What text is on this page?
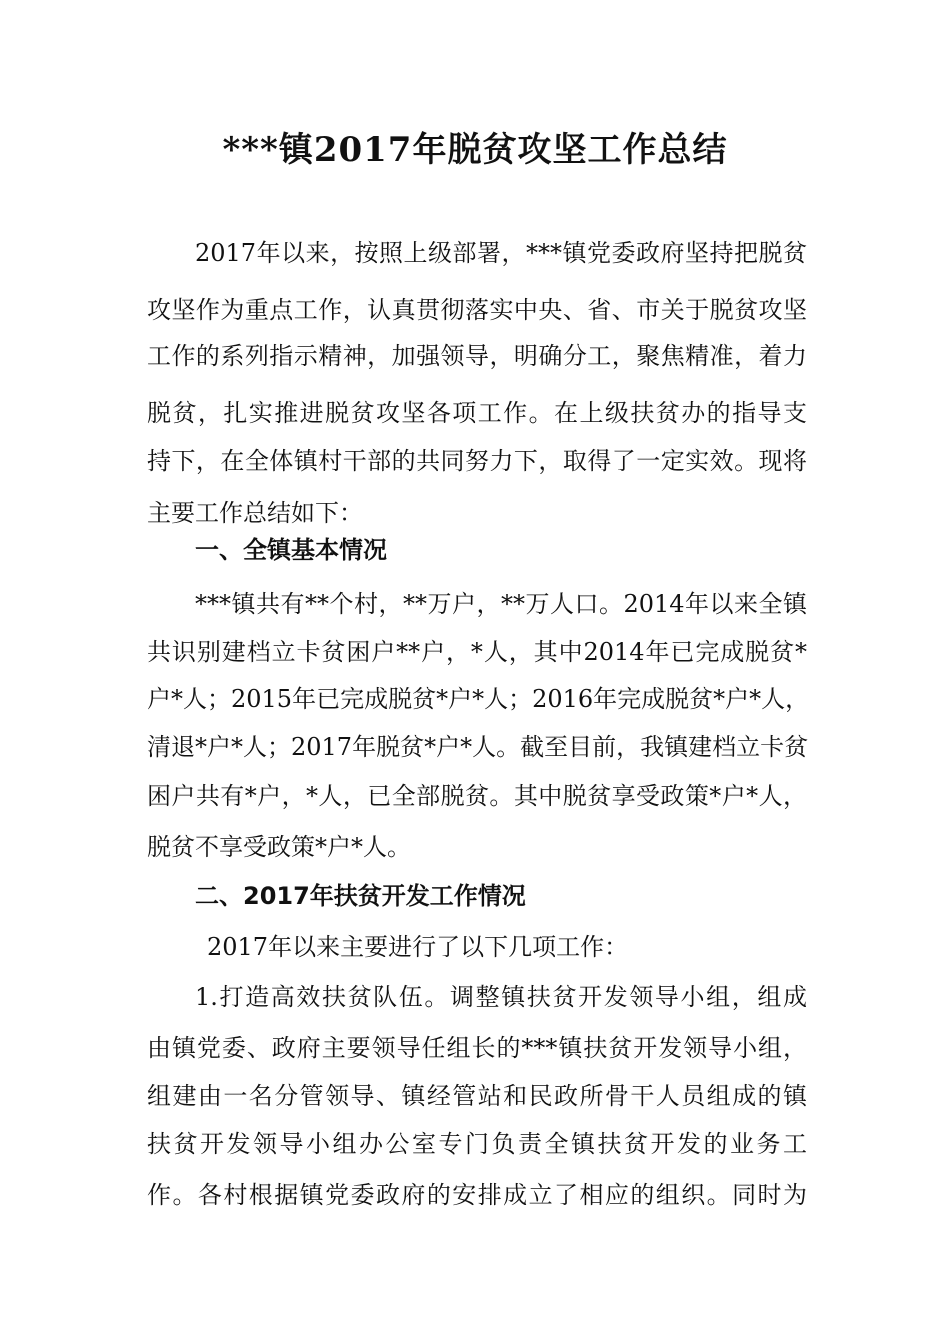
***镇2017年脱贫攻坚工作总结

2017年以来，按照上级部署，***镇党委政府坚持把脱贫

攻坚作为重点工作，认真贯彻落实中央、省、市关于脱贫攻坚

工作的系列指示精神，加强领导，明确分工，聚焦精准，着力

脱贫，扎实推进脱贫攻坚各项工作。在上级扶贫办的指导支

持下，在全体镇村干部的共同努力下，取得了一定实效。现将

主要工作总结如下：

一、全镇基本情况

***镇共有**个村，**万户，**万人口。2014年以来全镇

共识别建档立卡贫困户**户，*人，其中2014年已完成脱贫*

户*人；2015年已完成脱贫*户*人；2016年完成脱贫*户*人，

清退*户*人；2017年脱贫*户*人。截至目前，我镇建档立卡贫

困户共有*户，*人，已全部脱贫。其中脱贫享受政策*户*人，

脱贫不享受政策*户*人。

二、2017年扶贫开发工作情况

2017年以来主要进行了以下几项工作：

1.打造高效扶贫队伍。调整镇扶贫开发领导小组，组成

由镇党委、政府主要领导任组长的***镇扶贫开发领导小组，

组建由一名分管领导、镇经管站和民政所骨干人员组成的镇

扶贫开发领导小组办公室专门负责全镇扶贫开发的业务工

作。各村根据镇党委政府的安排成立了相应的组织。同时为
